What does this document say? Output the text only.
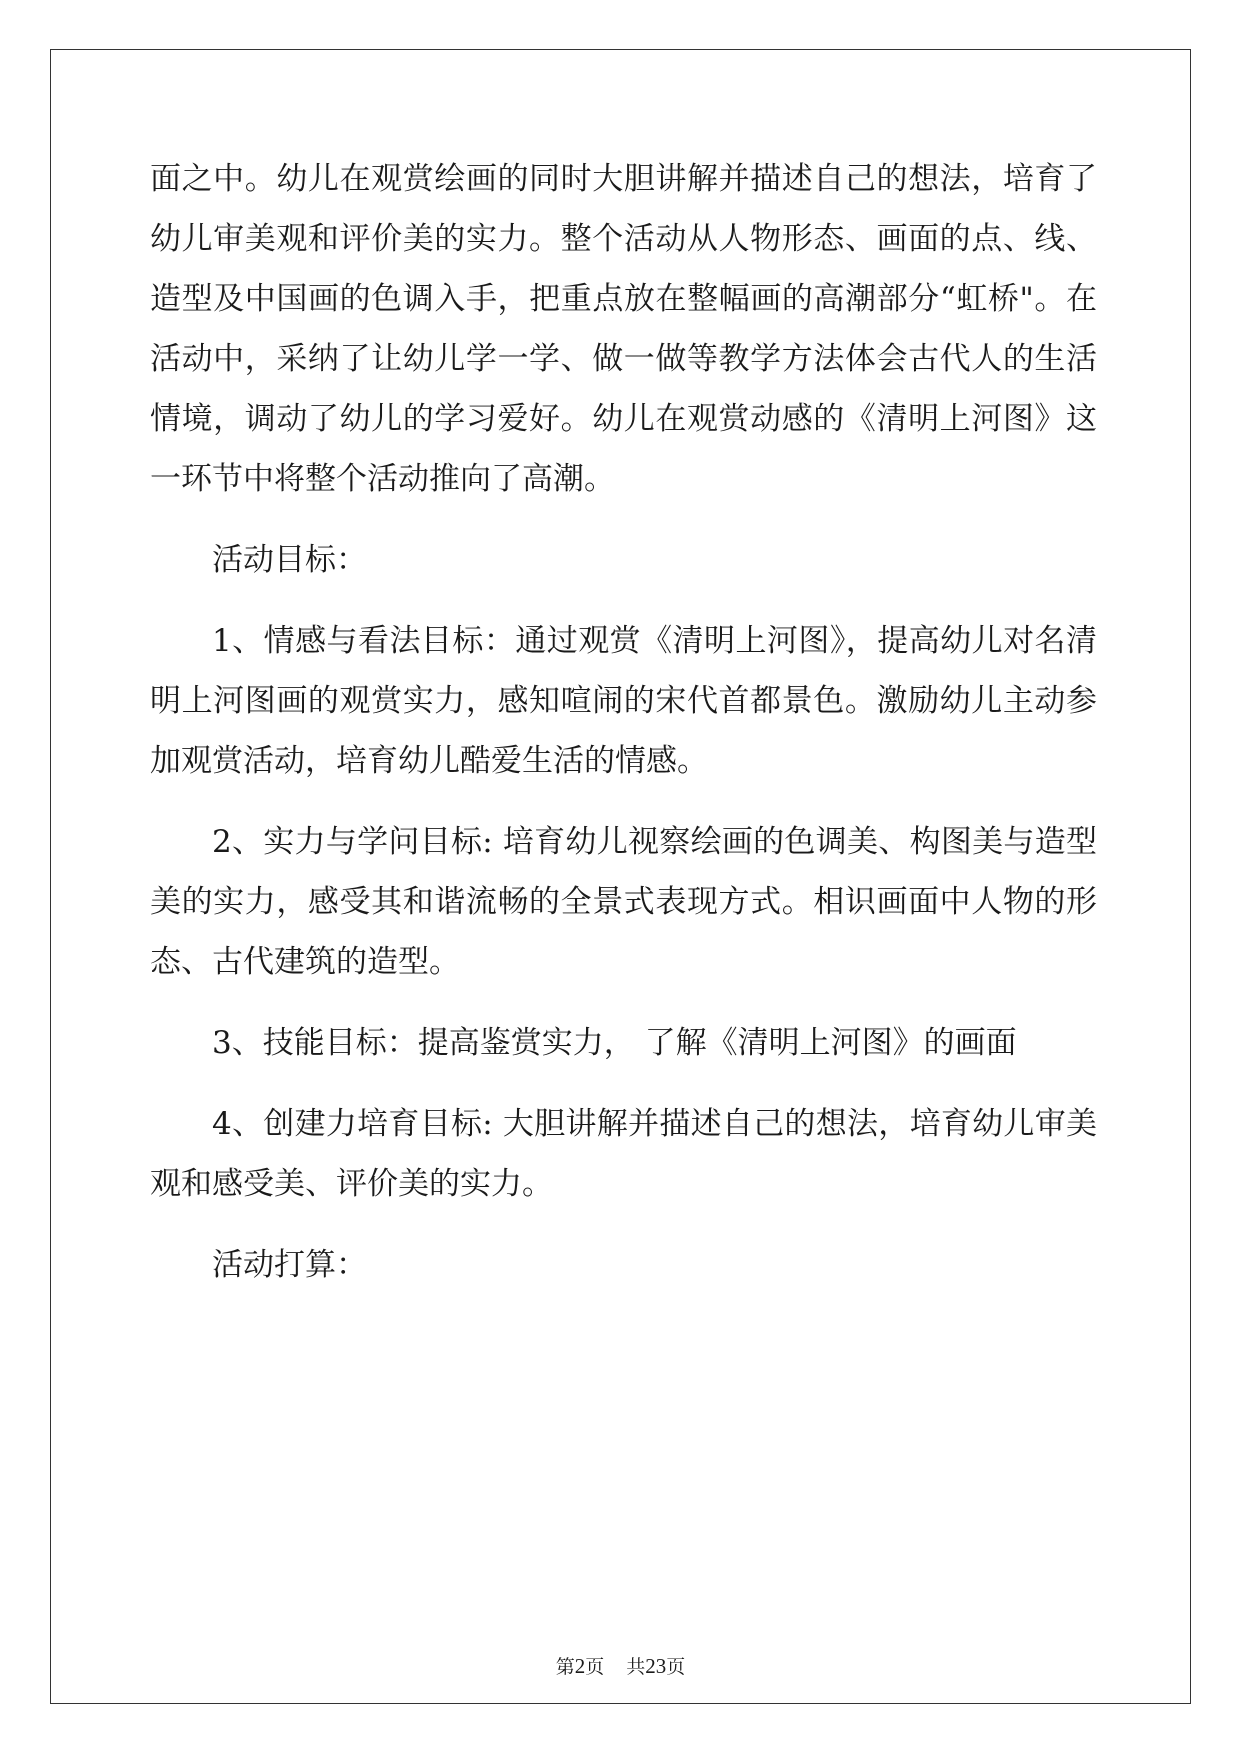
面之中。幼儿在观赏绘画的同时大胆讲解并描述自己的想法，培育了
幼儿审美观和评价美的实力。整个活动从人物形态、画面的点、线、
造型及中国画的色调入手，把重点放在整幅画的高潮部分“虹桥"。在
活动中，采纳了让幼儿学一学、做一做等教学方法体会古代人的生活
情境，调动了幼儿的学习爱好。幼儿在观赏动感的《清明上河图》这
一环节中将整个活动推向了高潮。
活动目标：
1、情感与看法目标：通过观赏《清明上河图》，提高幼儿对名清
明上河图画的观赏实力，感知喧闹的宋代首都景色。激励幼儿主动参
加观赏活动，培育幼儿酷爱生活的情感。
2、实力与学问目标: 培育幼儿视察绘画的色调美、构图美与造型
美的实力，感受其和谐流畅的全景式表现方式。相识画面中人物的形
态、古代建筑的造型。
3、技能目标：提高鉴赏实力， 了解《清明上河图》的画面
4、创建力培育目标: 大胆讲解并描述自己的想法，培育幼儿审美
观和感受美、评价美的实力。
活动打算：
第2页 共23页
